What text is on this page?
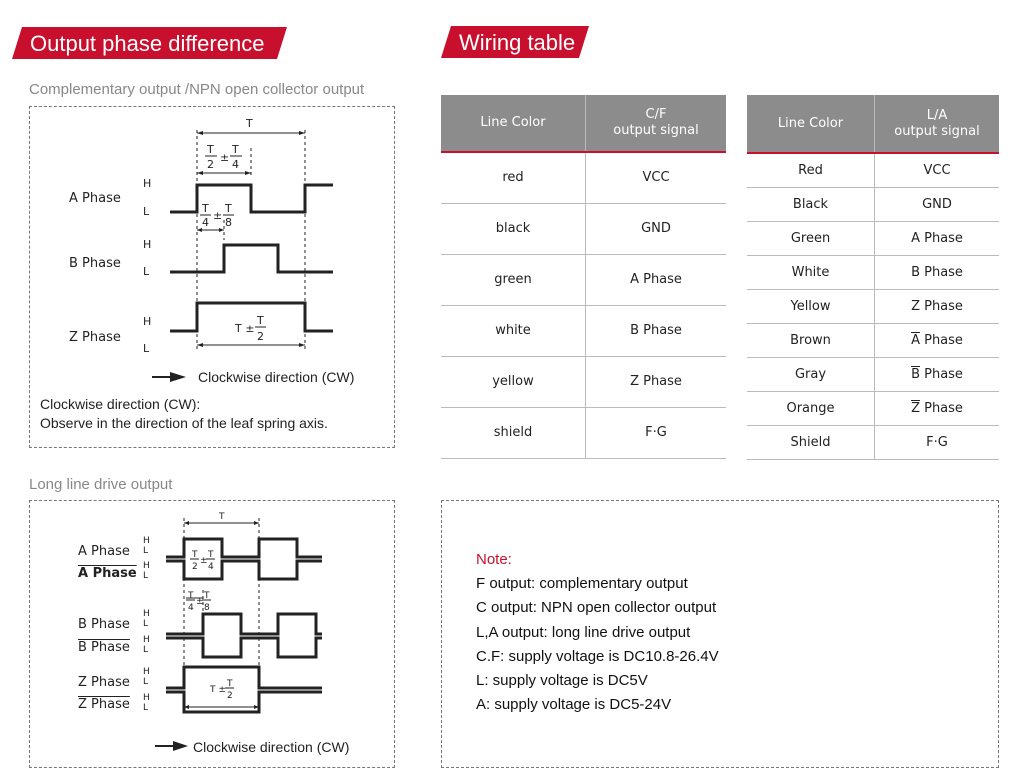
Output phase difference	Wiring table
Complementary output /NPN open collector output
Long line drive output
T
2
±
T
4
T
4
±
T
8
T ±
T
2
T
A Phase
B Phase
Z Phase
H
L
H
L
H
L
Clockwise direction (CW)
Clockwise direction (CW):
Observe in the direction of the leaf spring axis.
T
2
±
T
4
T
4
±
T
8
T ±
T
2
T
A Phase
A Phase
B Phase
B Phase
Z Phase
Z Phase
H
L
H
L
H
L
H
L
H
L
H
L
Clockwise direction (CW)
Line Color	C/F
output signal

red	VCC
black	GND
green	A Phase
white	B Phase
yellow	Z Phase
shield	F·G
Line Color	L/A
output signal

Red	VCC
Black	GND
Green	A Phase
White	B Phase
Yellow	Z Phase
Brown	$\overline{A}$ Phase
Gray	$\overline{B}$ Phase
Orange	$\overline{Z}$ Phase
Shield	F·G
Note:
F output: complementary output
C output: NPN open collector output
L,A output: long line drive output
C.F: supply voltage is DC10.8-26.4V
L: supply voltage is DC5V
A: supply voltage is DC5-24V
